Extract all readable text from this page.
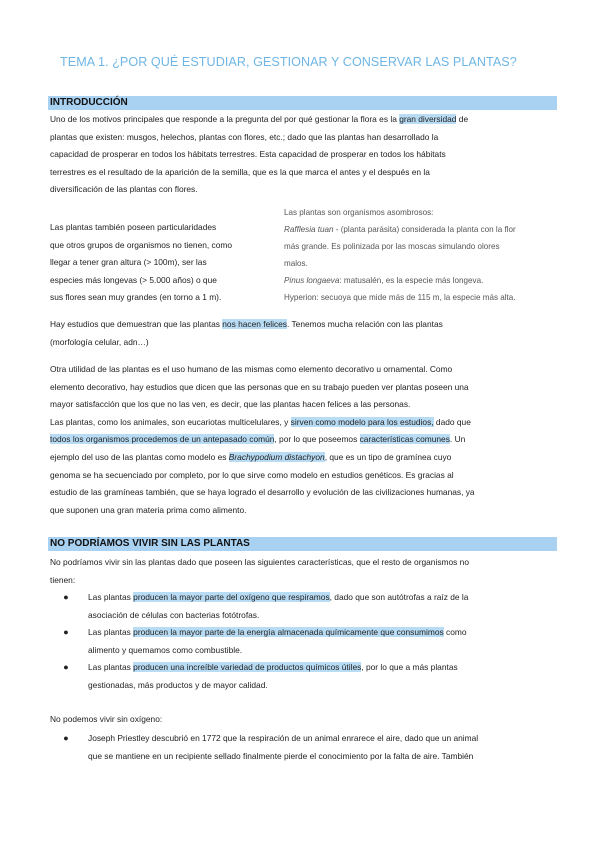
TEMA 1. ¿POR QUÉ ESTUDIAR, GESTIONAR Y CONSERVAR LAS PLANTAS?
INTRODUCCIÓN
Uno de los motivos principales que responde a la pregunta del por qué gestionar la flora es la gran diversidad de
plantas que existen: musgos, helechos, plantas con flores, etc.; dado que las plantas han desarrollado la
capacidad de prosperar en todos los hábitats terrestres. Esta capacidad de prosperar en todos los hábitats
terrestres es el resultado de la aparición de la semilla, que es la que marca el antes y el después en la
diversificación de las plantas con flores.
Las plantas también poseen particularidades
que otros grupos de organismos no tienen, como
llegar a tener gran altura (> 100m), ser las
especies más longevas (> 5.000 años) o que
sus flores sean muy grandes (en torno a 1 m).
Las plantas son organismos asombrosos:
Rafflesia tuan - (planta parásita) considerada la planta con la flor
más grande. Es polinizada por las moscas simulando olores
malos.
Pinus longaeva: matusalén, es la especie más longeva.
Hyperion: secuoya que mide más de 115 m, la especie más alta.
Hay estudios que demuestran que las plantas nos hacen felices. Tenemos mucha relación con las plantas
(morfología celular, adn…)
Otra utilidad de las plantas es el uso humano de las mismas como elemento decorativo u ornamental. Como
elemento decorativo, hay estudios que dicen que las personas que en su trabajo pueden ver plantas poseen una
mayor satisfacción que los que no las ven, es decir, que las plantas hacen felices a las personas.
Las plantas, como los animales, son eucariotas multicelulares, y sirven como modelo para los estudios, dado que
todos los organismos procedemos de un antepasado común, por lo que poseemos características comunes. Un
ejemplo del uso de las plantas como modelo es Brachypodium distachyon, que es un tipo de gramínea cuyo
genoma se ha secuenciado por completo, por lo que sirve como modelo en estudios genéticos. Es gracias al
estudio de las gramíneas también, que se haya logrado el desarrollo y evolución de las civilizaciones humanas, ya
que suponen una gran materia prima como alimento.
NO PODRÍAMOS VIVIR SIN LAS PLANTAS
No podríamos vivir sin las plantas dado que poseen las siguientes características, que el resto de organismos no
tienen:
● Las plantas producen la mayor parte del oxígeno que respiramos, dado que son autótrofas a raíz de la
asociación de células con bacterias fotótrofas.
● Las plantas producen la mayor parte de la energía almacenada químicamente que consumimos como
alimento y quemamos como combustible.
● Las plantas producen una increíble variedad de productos químicos útiles, por lo que a más plantas
gestionadas, más productos y de mayor calidad.
No podemos vivir sin oxígeno:
● Joseph Priestley descubrió en 1772 que la respiración de un animal enrarece el aire, dado que un animal
que se mantiene en un recipiente sellado finalmente pierde el conocimiento por la falta de aire. También
